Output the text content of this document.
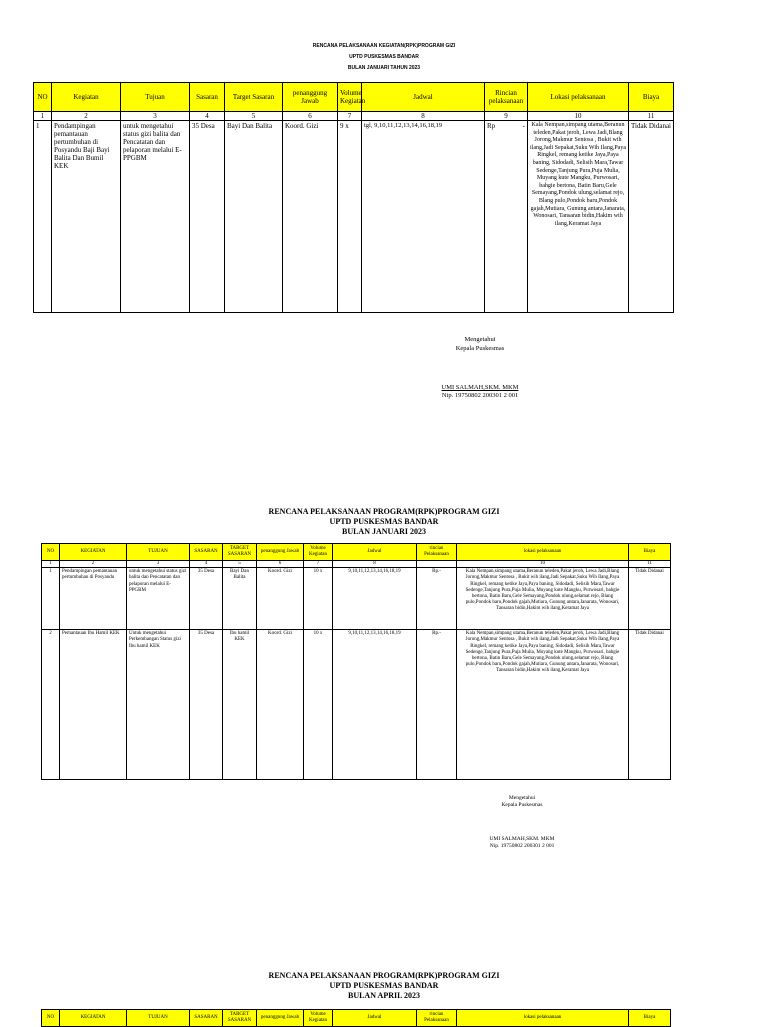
RENCANA PELAKSANAAN KEGIATAN(RPK)PROGRAM GIZI
UPTD PUSKESMAS BANDAR
BULAN JANUARI TAHUN 2023
NO	Kegiatan	Tujuan	Sasaran	Target Sasaran	penanggung Jawab	Volume Kegiatan	Jadwal	Rincian pelaksanaan	Lokasi pelaksanaan	Biaya
1	2	3	4	5	6	7	8	9	10	11
1	Pendampingan pemantauan pertumbuhan di Posyandu Baji Bayi Balita Dan Bumil KEK	untuk mengetahui status gizi balita dan Pencatatan dan pelaporan melalui E-PPGBM	35 Desa	Bayi Dan Balita	Koord. Gizi	9 x	tgl, 9,10,11,12,13,14,16,18,19	Rp -	Kala Nempan,simpang utama,Beranun teleden,Pakat jeroh, Lewa Jadi,Blang Jorong,Makmur Sentosa , Bukit wih ilang,Jadi Sepakat,Suku Wih Ilang,Paya Ringkel, remang ketike Jaya,Paya baning, Sidodadi, Selisih Mara,Tawar Sedenge,Tanjung Pura,Puja Mulia, Muyang kute Mangku, Purwosari, bahgie bertona, Batin Baru,Gele Semayang,Pondok ulung,selamat rejo, Blang pulo,Pondok baru,Pondok gajah,Mutiara, Gunung antara,Janarata, Wonosari, Tansaran bidin,Hakim wih ilang,Keramat Jaya	Tidak Didanai
Mengetahui
Kepala Puskesmas
UMI SALMAH,SKM. MKM
Nip. 19750802 200301 2 001
RENCANA PELAKSANAAN PROGRAM(RPK)PROGRAM GIZI
UPTD PUSKESMAS BANDAR
BULAN JANUARI 2023
NO	KEGIATAN	TUJUAN	SASARAN	TARGET SASARAN	penanggung Jawab	Volume Kegiatan	Jadwal	rincian Pelaksanaan	lokasi pelaksanaan	Biaya
1	2	3	4	5	6	7	8		10	11
1	Pendampingan pemantauan pertumbuhan di Posyandu	untuk mengetahui status gizi balita dan Pencatatan dan pelaporan melalui E-PPGBM	35 Desa	Bayi Dan Balita	Koord. Gizi	10 x	9,10,11,12,13,14,16,18,19	Rp.-	Kala Nempan,simpang utama,Beranun teleden,Pakat jeroh, Lewa Jadi,Blang Jorong,Makmur Sentosa , Bukit wih ilang,Jadi Sepakat,Suku Wih Ilang,Paya Ringkel, remang ketike Jaya,Paya baning, Sidodadi, Selisih Mara,Tawar Sedenge,Tanjung Pura,Puja Mulia, Muyang kute Mangku, Purwosari, bahgie bertona, Batin Baru,Gele Semayang,Pondok ulung,selamat rejo, Blang pulo,Pondok baru,Pondok gajah,Mutiara, Gunung antara,Janarata, Wonosari, Tansaran bidin,Hakim wih ilang,Keramat Jaya	Tidak Didanai
2	Pemantauan Ibu Hamil KEK	Untuk mengetahui Perkembangan Status gizi Ibu hamil KEK	35 Desa	Ibu hamil KEK	Koord. Gizi	10 x	9,10,11,12,13,14,16,18,19	Rp.-	Kala Nempan,simpang utama,Beranun teleden,Pakat jeroh, Lewa Jadi,Blang Jorong,Makmur Sentosa , Bukit wih ilang,Jadi Sepakat,Suku Wih Ilang,Paya Ringkel, remang ketike Jaya,Paya baning, Sidodadi, Selisih Mara,Tawar Sedenge,Tanjung Pura,Puja Mulia, Muyang kute Mangku, Purwosari, bahgie bertona, Batin Baru,Gele Semayang,Pondok ulung,selamat rejo, Blang pulo,Pondok baru,Pondok gajah,Mutiara, Gunung antara,Janarata, Wonosari, Tansaran bidin,Hakim wih ilang,Keramat Jaya	Tidak Didanai
Mengetahui
Kepala Puskesmas
UMI SALMAH,SKM. MKM
Nip. 19750802 200301 2 001
RENCANA PELAKSANAAN PROGRAM(RPK)PROGRAM GIZI
UPTD PUSKESMAS BANDAR
BULAN APRIL 2023
NO	KEGIATAN	TUJUAN	SASARAN	TARGET SASARAN	penanggung Jawab	Volume Kegiatan	Jadwal	rincian Pelaksanaan	lokasi pelaksanaan	Biaya
